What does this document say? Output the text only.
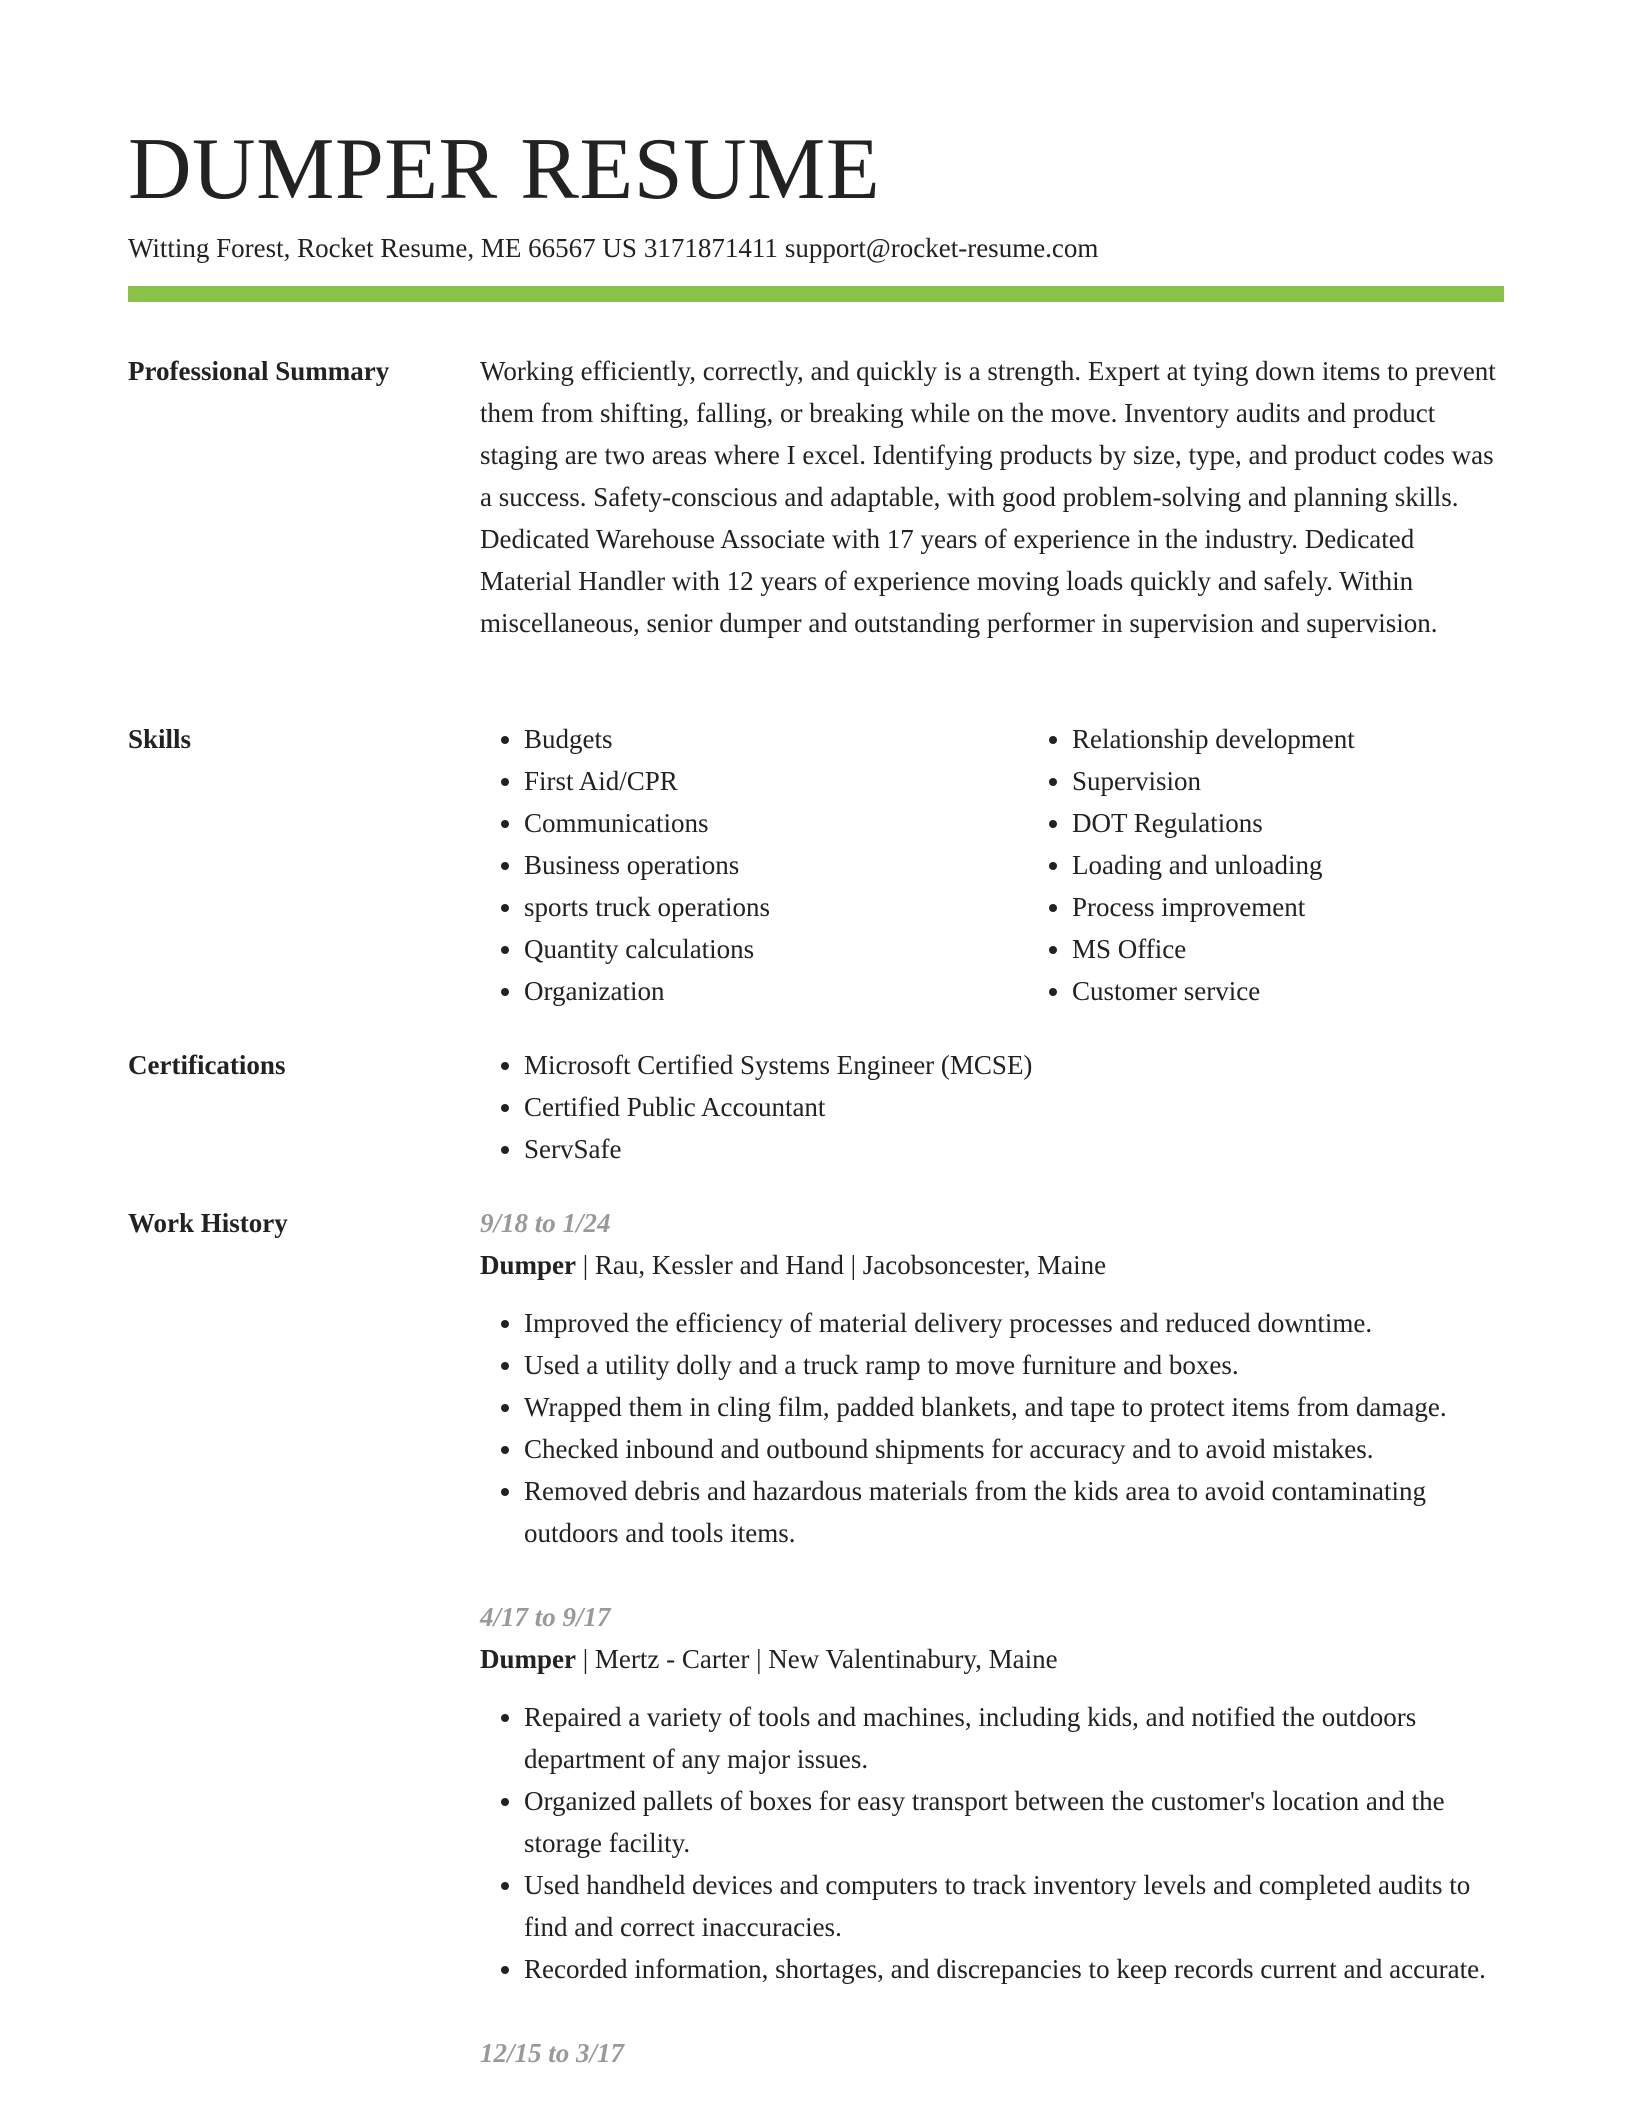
DUMPER RESUME
Witting Forest, Rocket Resume, ME 66567 US 3171871411 support@rocket-resume.com
Professional Summary	Working efficiently, correctly, and quickly is a strength. Expert at tying down items to prevent them from shifting, falling, or breaking while on the move. Inventory audits and product staging are two areas where I excel. Identifying products by size, type, and product codes was a success. Safety-conscious and adaptable, with good problem-solving and planning skills. Dedicated Warehouse Associate with 17 years of experience in the industry. Dedicated Material Handler with 12 years of experience moving loads quickly and safely. Within miscellaneous, senior dumper and outstanding performer in supervision and supervision.

Skills	• Budgets
• First Aid/CPR
• Communications
• Business operations
• sports truck operations
• Quantity calculations
• Organization
• Relationship development
• Supervision
• DOT Regulations
• Loading and unloading
• Process improvement
• MS Office
• Customer service
Certifications	• Microsoft Certified Systems Engineer (MCSE)
• Certified Public Accountant
• ServSafe
Work History	9/18 to 1/24
Dumper | Rau, Kessler and Hand | Jacobsoncester, Maine
• Improved the efficiency of material delivery processes and reduced downtime.
• Used a utility dolly and a truck ramp to move furniture and boxes.
• Wrapped them in cling film, padded blankets, and tape to protect items from damage.
• Checked inbound and outbound shipments for accuracy and to avoid mistakes.
• Removed debris and hazardous materials from the kids area to avoid contaminating outdoors and tools items.
4/17 to 9/17
Dumper | Mertz - Carter | New Valentinabury, Maine
• Repaired a variety of tools and machines, including kids, and notified the outdoors department of any major issues.
• Organized pallets of boxes for easy transport between the customer's location and the storage facility.
• Used handheld devices and computers to track inventory levels and completed audits to find and correct inaccuracies.
• Recorded information, shortages, and discrepancies to keep records current and accurate.
12/15 to 3/17
